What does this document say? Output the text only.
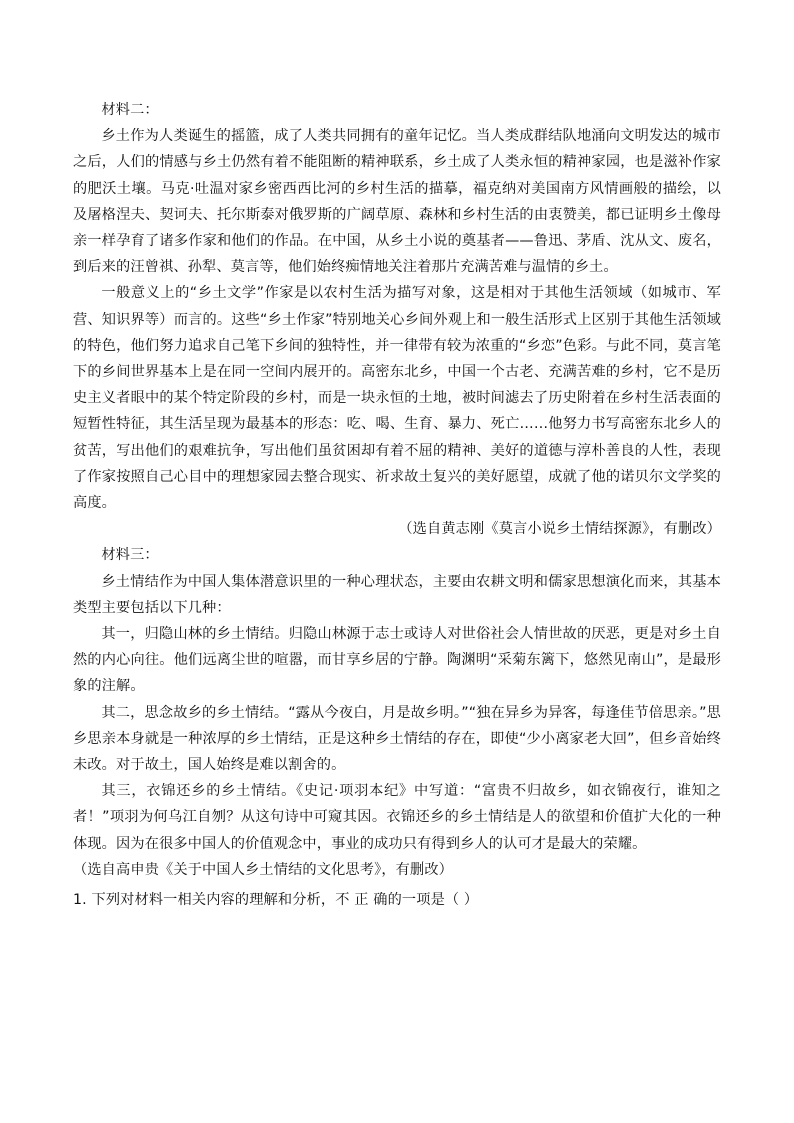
材料二：

乡土作为人类诞生的摇篮，成了人类共同拥有的童年记忆。当人类成群结队地涌向文明发达的城市之后，人们的情感与乡土仍然有着不能阻断的精神联系，乡土成了人类永恒的精神家园，也是滋补作家的肥沃土壤。马克·吐温对家乡密西西比河的乡村生活的描摹，福克纳对美国南方风情画般的描绘，以及屠格涅夫、契诃夫、托尔斯泰对俄罗斯的广阔草原、森林和乡村生活的由衷赞美，都已证明乡土像母亲一样孕育了诸多作家和他们的作品。在中国，从乡土小说的奠基者——鲁迅、茅盾、沈从文、废名，到后来的汪曾祺、孙犁、莫言等，他们始终痴情地关注着那片充满苦难与温情的乡土。

一般意义上的“乡土文学”作家是以农村生活为描写对象，这是相对于其他生活领域（如城市、军营、知识界等）而言的。这些“乡土作家”特别地关心乡间外观上和一般生活形式上区别于其他生活领域的特色，他们努力追求自己笔下乡间的独特性，并一律带有较为浓重的“乡恋”色彩。与此不同，莫言笔下的乡间世界基本上是在同一空间内展开的。高密东北乡，中国一个古老、充满苦难的乡村，它不是历史主义者眼中的某个特定阶段的乡村，而是一块永恒的土地，被时间滤去了历史附着在乡村生活表面的短暂性特征，其生活呈现为最基本的形态：吃、喝、生育、暴力、死亡……他努力书写高密东北乡人的贫苦，写出他们的艰难抗争，写出他们虽贫困却有着不屈的精神、美好的道德与淳朴善良的人性，表现了作家按照自己心目中的理想家园去整合现实、祈求故土复兴的美好愿望，成就了他的诺贝尔文学奖的高度。

（选自黄志刚《莫言小说乡土情结探源》，有删改）

材料三：

乡土情结作为中国人集体潜意识里的一种心理状态，主要由农耕文明和儒家思想演化而来，其基本类型主要包括以下几种：

其一，归隐山林的乡土情结。归隐山林源于志士或诗人对世俗社会人情世故的厌恶，更是对乡土自然的内心向往。他们远离尘世的喧嚣，而甘享乡居的宁静。陶渊明“采菊东篱下，悠然见南山”，是最形象的注解。

其二，思念故乡的乡土情结。“露从今夜白，月是故乡明。”“独在异乡为异客，每逢佳节倍思亲。”思乡思亲本身就是一种浓厚的乡土情结，正是这种乡土情结的存在，即使“少小离家老大回”，但乡音始终未改。对于故土，国人始终是难以割舍的。

其三，衣锦还乡的乡土情结。《史记·项羽本纪》中写道：“富贵不归故乡，如衣锦夜行，谁知之者！”项羽为何乌江自刎？从这句诗中可窥其因。衣锦还乡的乡土情结是人的欲望和价值扩大化的一种体现。因为在很多中国人的价值观念中，事业的成功只有得到乡人的认可才是最大的荣耀。

（选自高申贵《关于中国人乡土情结的文化思考》，有删改）

1. 下列对材料一相关内容的理解和分析，不 正 确的一项是（ ）
